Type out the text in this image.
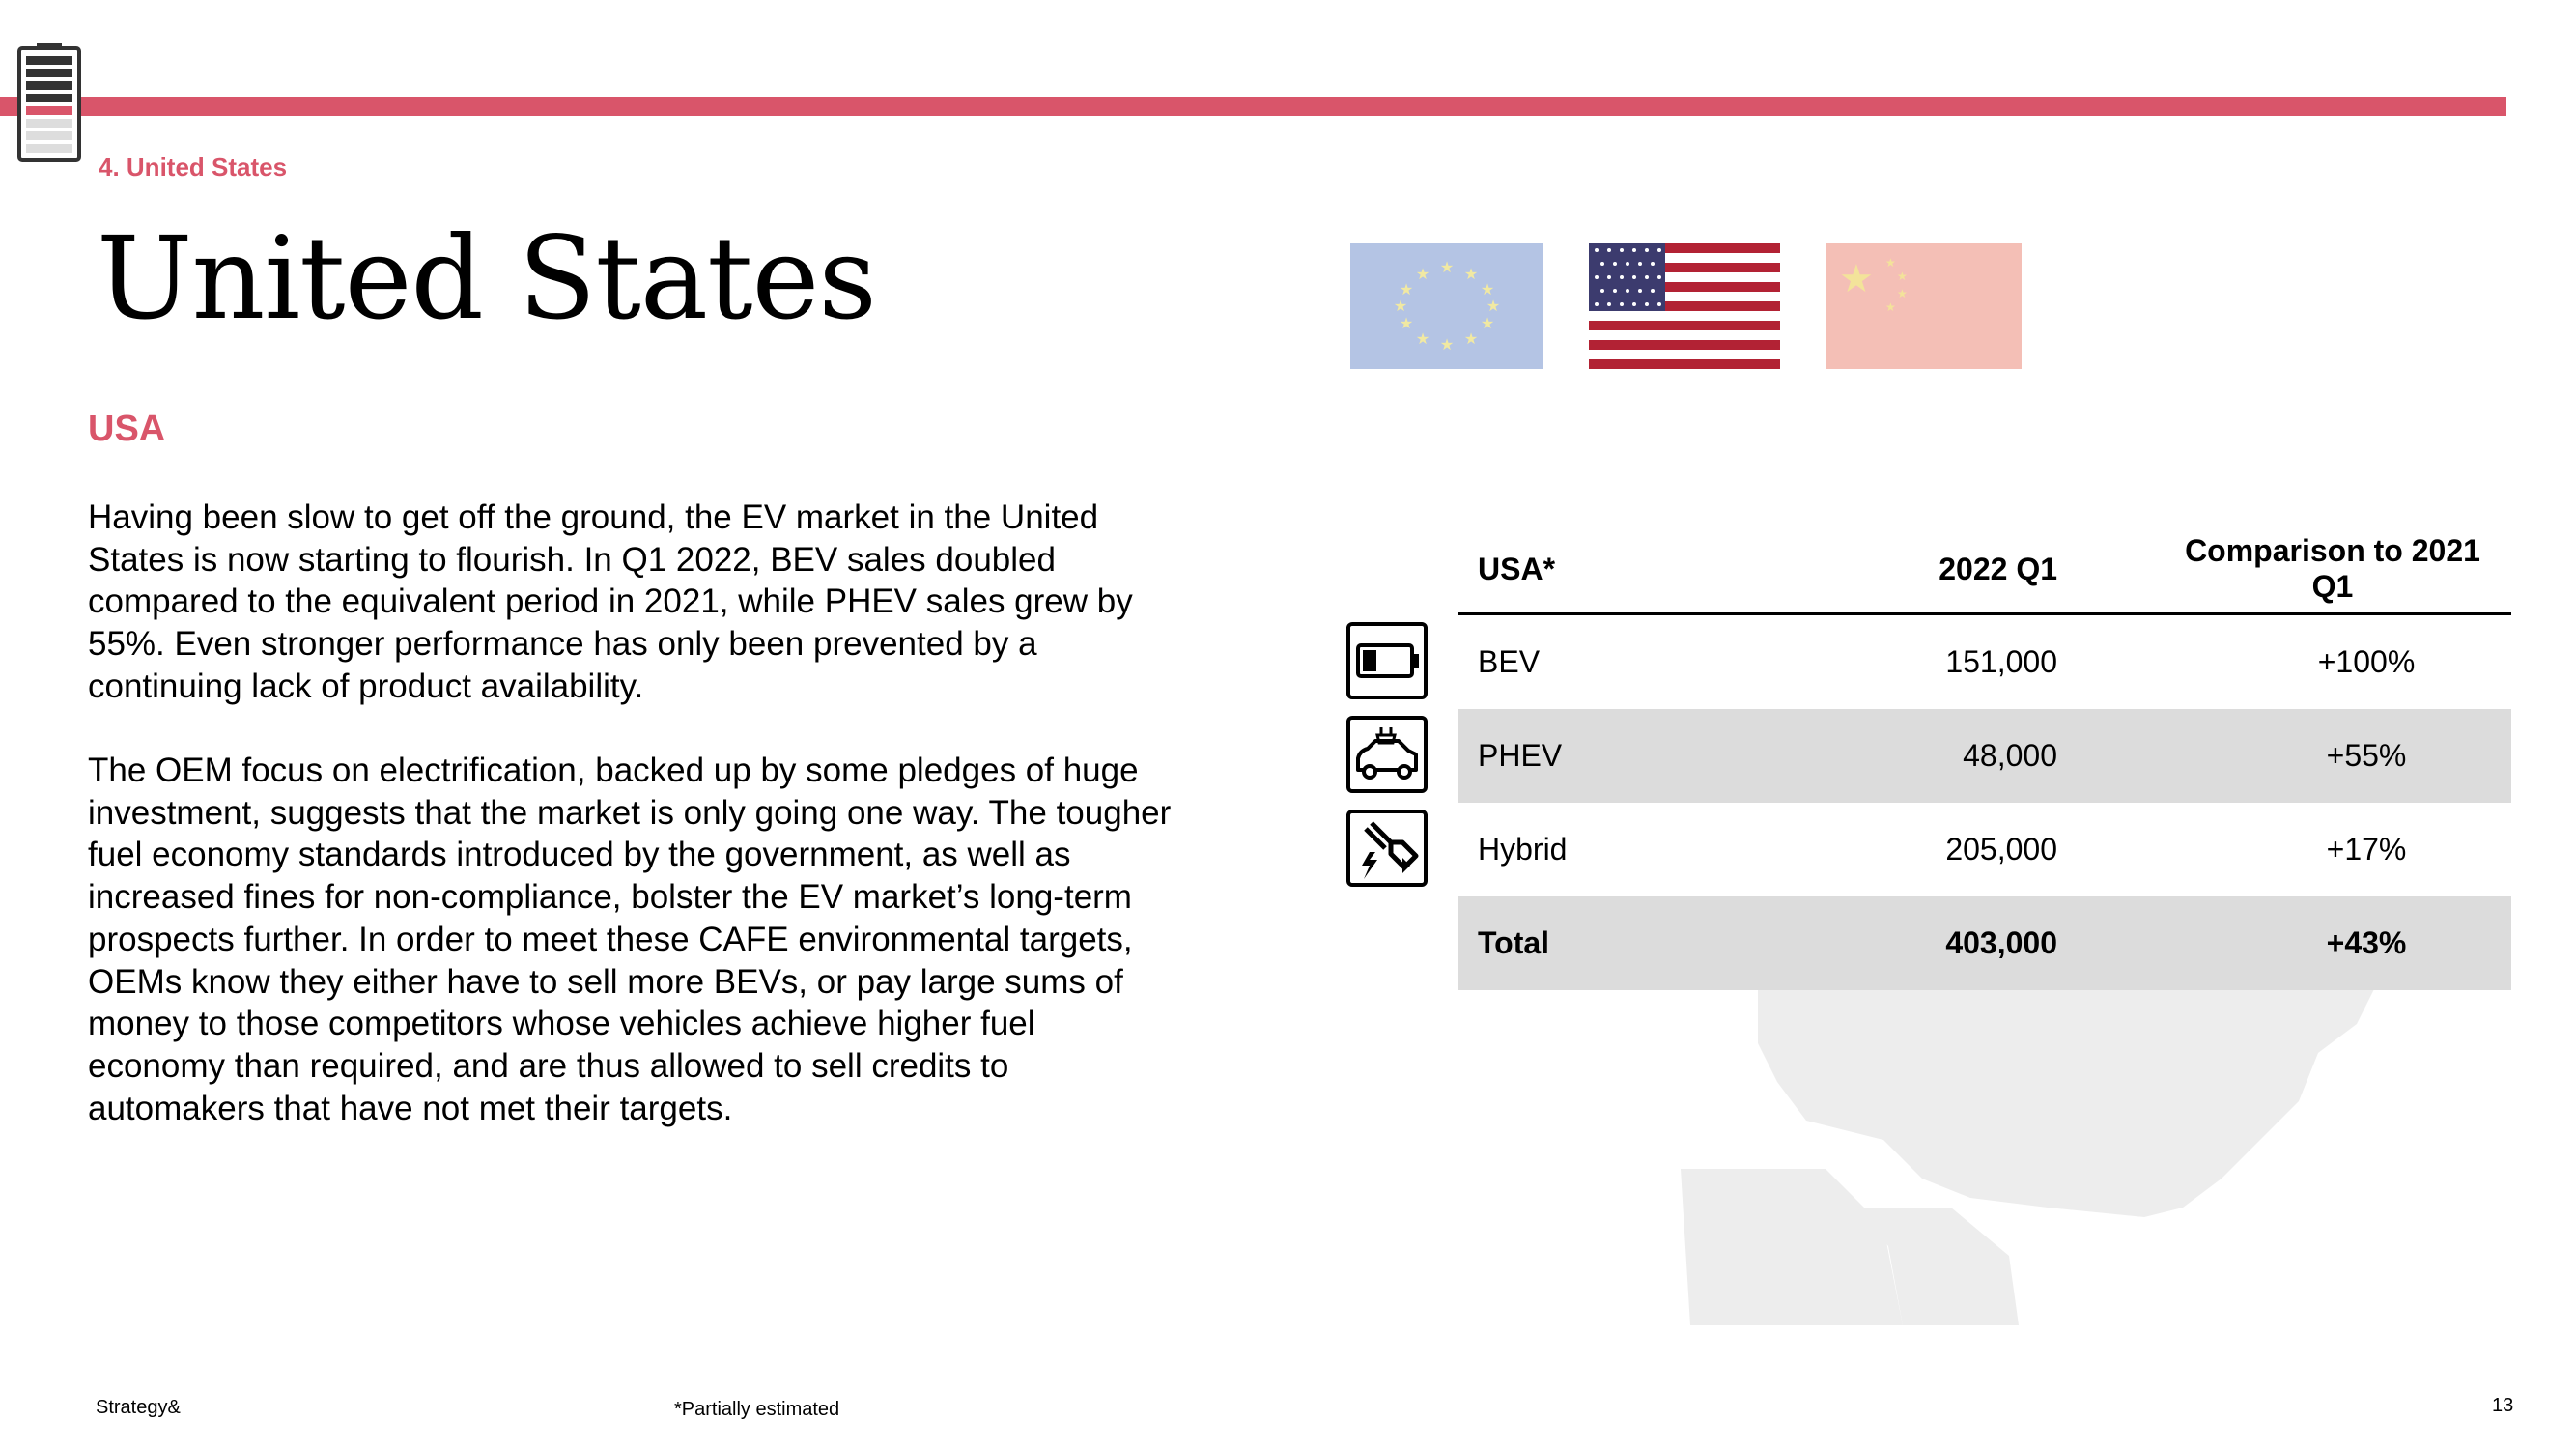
4. United States
United States
USA
Having been slow to get off the ground, the EV market in the United States is now starting to flourish. In Q1 2022, BEV sales doubled compared to the equivalent period in 2021, while PHEV sales grew by 55%. Even stronger performance has only been prevented by a continuing lack of product availability.
The OEM focus on electrification, backed up by some pledges of huge investment, suggests that the market is only going one way. The tougher fuel economy standards introduced by the government, as well as increased fines for non-compliance, bolster the EV market’s long-term prospects further. In order to meet these CAFE environmental targets, OEMs know they either have to sell more BEVs, or pay large sums of money to those competitors whose vehicles achieve higher fuel economy than required, and are thus allowed to sell credits to automakers that have not met their targets.
★ ★
★
★
★
★
★
★
★
★
★
★	★ ★
★
★
★
USA*	2022 Q1	Comparison to 2021 Q1
BEV	151,000	+100%
PHEV	48,000	+55%
Hybrid	205,000	+17%
Total	403,000	+43%
Strategy&	*Partially estimated	13
